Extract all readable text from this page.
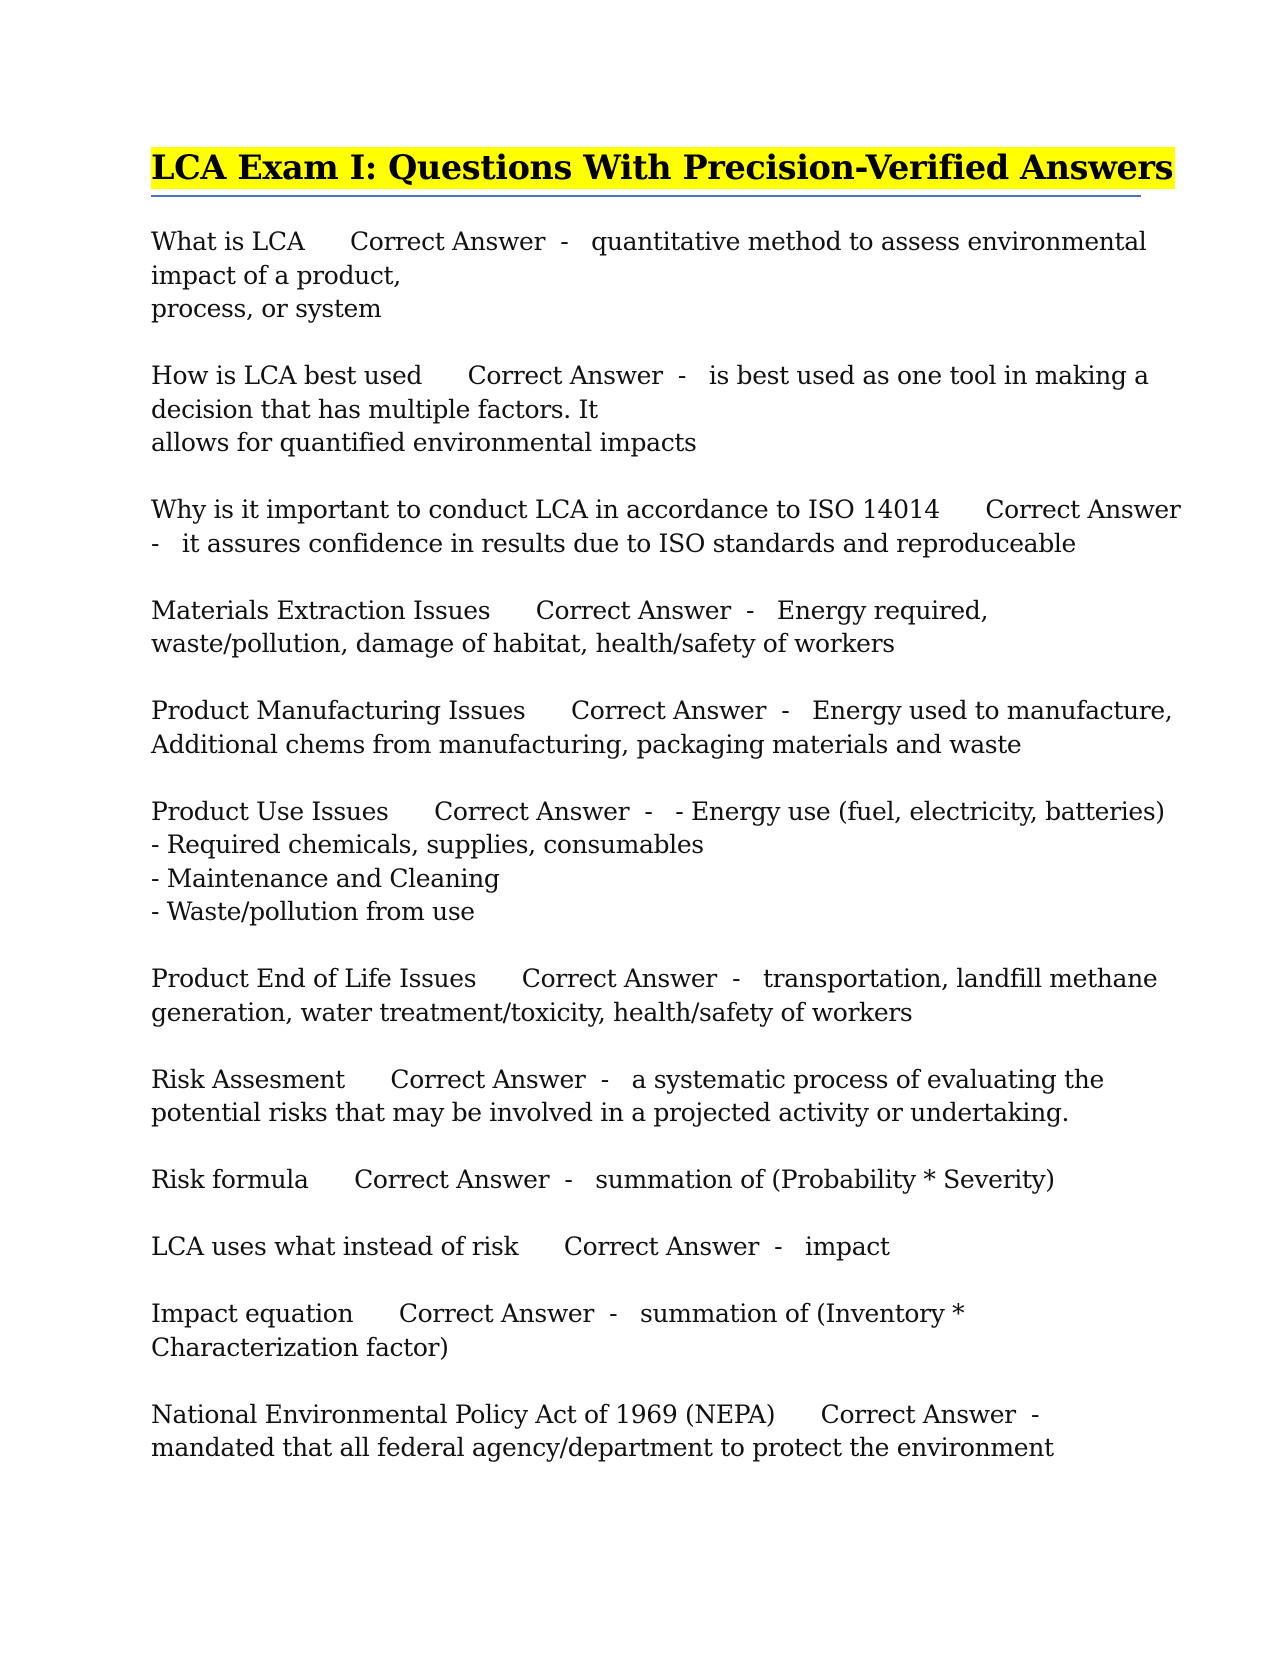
LCA Exam I: Questions With Precision-Verified Answers
What is LCA      Correct Answer  -   quantitative method to assess environmental
impact of a product,
process, or system
How is LCA best used      Correct Answer  -   is best used as one tool in making a
decision that has multiple factors. It
allows for quantified environmental impacts
Why is it important to conduct LCA in accordance to ISO 14014      Correct Answer
-   it assures confidence in results due to ISO standards and reproduceable
Materials Extraction Issues      Correct Answer  -   Energy required,
waste/pollution, damage of habitat, health/safety of workers
Product Manufacturing Issues      Correct Answer  -   Energy used to manufacture,
Additional chems from manufacturing, packaging materials and waste
Product Use Issues      Correct Answer  -   - Energy use (fuel, electricity, batteries)
- Required chemicals, supplies, consumables
- Maintenance and Cleaning
- Waste/pollution from use
Product End of Life Issues      Correct Answer  -   transportation, landfill methane
generation, water treatment/toxicity, health/safety of workers
Risk Assesment      Correct Answer  -   a systematic process of evaluating the
potential risks that may be involved in a projected activity or undertaking.
Risk formula      Correct Answer  -   summation of (Probability * Severity)
LCA uses what instead of risk      Correct Answer  -   impact
Impact equation      Correct Answer  -   summation of (Inventory *
Characterization factor)
National Environmental Policy Act of 1969 (NEPA)      Correct Answer  -
mandated that all federal agency/department to protect the environment
